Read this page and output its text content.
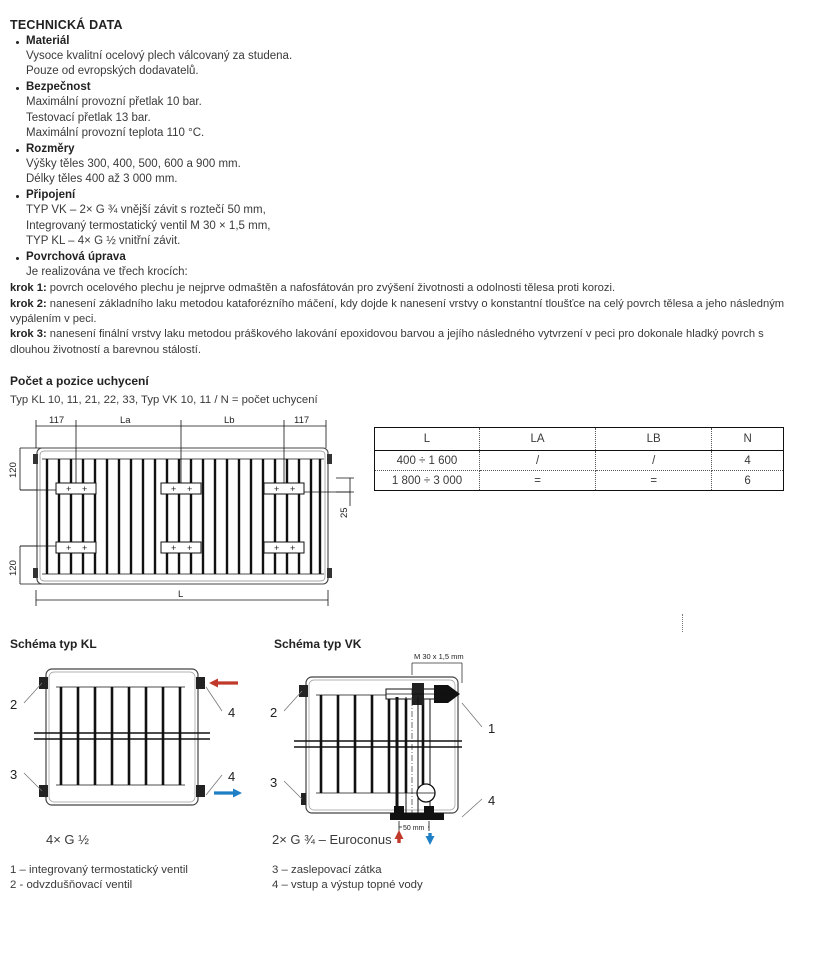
TECHNICKÁ DATA
Materiál
Vysoce kvalitní ocelový plech válcovaný za studena.
Pouze od evropských dodavatelů.
Bezpečnost
Maximální provozní přetlak 10 bar.
Testovací přetlak 13 bar.
Maximální provozní teplota 110 °C.
Rozměry
Výšky těles 300, 400, 500, 600 a 900 mm.
Délky těles 400 až 3 000 mm.
Připojení
TYP VK – 2× G ¾ vnější závit s roztečí 50 mm,
Integrovaný termostatický ventil M 30 × 1,5 mm,
TYP KL – 4× G ½ vnitřní závit.
Povrchová úprava
Je realizována ve třech krocích:

krok 1: povrch ocelového plechu je nejprve odmaštěn a nafosfátován pro zvýšení životnosti a odolnosti tělesa proti korozi.

krok 2: nanesení základního laku metodou kataforézního máčení, kdy dojde k nanesení vrstvy o konstantní tloušťce na celý povrch tělesa a jeho následným vypálením v peci.

krok 3: nanesení finální vrstvy laku metodou práškového lakování epoxidovou barvou a jejího následného vytvrzení v peci pro dokonale hladký povrch s dlouhou životností a barevnou stálostí.

Počet a pozice uchycení
Typ KL 10, 11, 21, 22, 33, Typ VK 10, 11 / N = počet uchycení
+ +	+ +	+ +
+ +	+ +	+ +
117	La	Lb	117
120
120
25
L
L	LA	LB	N
400 ÷ 1 600	/	/	4
1 800 ÷ 3 000	=	=	6
Schéma typ KL	Schéma typ VK
2
3
4
4
M 30 x 1,5 mm
50 mm
2
3
1
4
4× G ½	2× G ¾ – Euroconus
1 – integrovaný termostatický ventil
2 - odvzdušňovací ventil
3 – zaslepovací zátka
4 – vstup a výstup topné vody
